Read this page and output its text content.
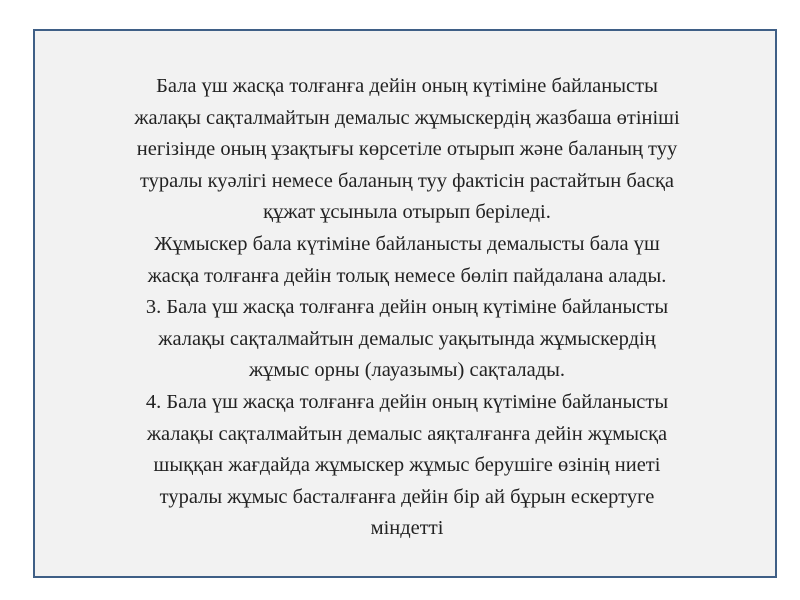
Бала үш жасқа толғанға дейін оның күтіміне байланысты
жалақы сақталмайтын демалыс жұмыскердің жазбаша өтініші
негізінде оның ұзақтығы көрсетіле отырып және баланың туу
туралы куәлігі немесе баланың туу фактісін растайтын басқа
құжат ұсыныла отырып беріледі.
Жұмыскер бала күтіміне байланысты демалысты бала үш
жасқа толғанға дейін толық немесе бөліп пайдалана алады.
3. Бала үш жасқа толғанға дейін оның күтіміне байланысты
жалақы сақталмайтын демалыс уақытында жұмыскердің
жұмыс орны (лауазымы) сақталады.
4. Бала үш жасқа толғанға дейін оның күтіміне байланысты
жалақы сақталмайтын демалыс аяқталғанға дейін жұмысқа
шыққан жағдайда жұмыскер жұмыс берушіге өзінің ниеті
туралы жұмыс басталғанға дейін бір ай бұрын ескертуге
міндетті
